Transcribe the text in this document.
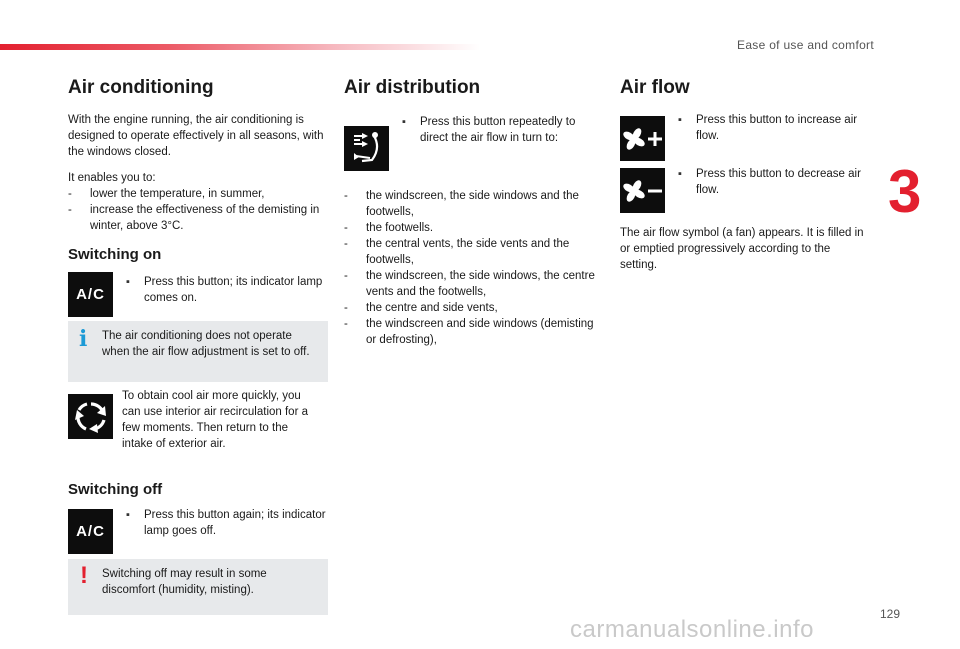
Ease of use and comfort
3
Air conditioning

With the engine running, the air conditioning is designed to operate effectively in all seasons, with the windows closed.

It enables you to:

- lower the temperature, in summer,
- increase the effectiveness of the demisting in winter, above 3°C.
Switching on
A/C
▪ Press this button; its indicator lamp comes on.
i The air conditioning does not operate when the air flow adjustment is set to off.

To obtain cool air more quickly, you can use interior air recirculation for a few moments. Then return to the intake of exterior air.

Switching off
A/C
▪ Press this button again; its indicator lamp goes off.
! Switching off may result in some discomfort (humidity, misting).

Air distribution
▪ Press this button repeatedly to direct the air flow in turn to:
- the windscreen, the side windows and the footwells,
- the footwells.
- the central vents, the side vents and the footwells,
- the windscreen, the side windows, the centre vents and the footwells,
- the centre and side vents,
- the windscreen and side windows (demisting or defrosting),
Air flow
▪ Press this button to increase air flow.
▪ Press this button to decrease air flow.

The air flow symbol (a fan) appears. It is filled in or emptied progressively according to the setting.

129
carmanualsonline.info
